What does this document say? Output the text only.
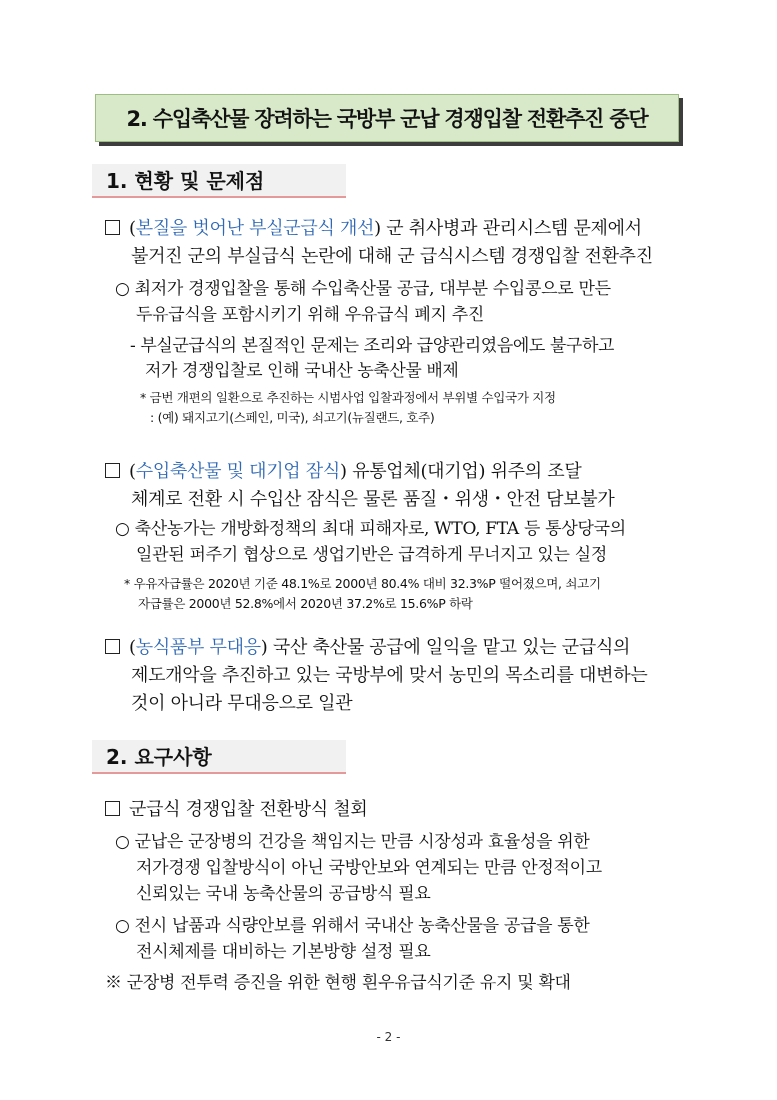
2. 수입축산물 장려하는 국방부 군납 경쟁입찰 전환추진 중단
1. 현황 및 문제점
(본질을 벗어난 부실군급식 개선) 군 취사병과 관리시스템 문제에서
불거진 군의 부실급식 논란에 대해 군 급식시스템 경쟁입찰 전환추진
○ 최저가 경쟁입찰을 통해 수입축산물 공급, 대부분 수입콩으로 만든
두유급식을 포함시키기 위해 우유급식 폐지 추진
- 부실군급식의 본질적인 문제는 조리와 급양관리였음에도 불구하고
저가 경쟁입찰로 인해 국내산 농축산물 배제
* 금번 개편의 일환으로 추진하는 시범사업 입찰과정에서 부위별 수입국가 지정
: (예) 돼지고기(스페인, 미국), 쇠고기(뉴질랜드, 호주)
(수입축산물 및 대기업 잠식) 유통업체(대기업) 위주의 조달
체계로 전환 시 수입산 잠식은 물론 품질・위생・안전 담보불가
○ 축산농가는 개방화정책의 최대 피해자로, WTO, FTA 등 통상당국의
일관된 퍼주기 협상으로 생업기반은 급격하게 무너지고 있는 실정
* 우유자급률은 2020년 기준 48.1%로 2000년 80.4% 대비 32.3%P 떨어졌으며, 쇠고기
자급률은 2000년 52.8%에서 2020년 37.2%로 15.6%P 하락
(농식품부 무대응) 국산 축산물 공급에 일익을 맡고 있는 군급식의
제도개악을 추진하고 있는 국방부에 맞서 농민의 목소리를 대변하는
것이 아니라 무대응으로 일관
2. 요구사항
군급식 경쟁입찰 전환방식 철회
○ 군납은 군장병의 건강을 책임지는 만큼 시장성과 효율성을 위한
저가경쟁 입찰방식이 아닌 국방안보와 연계되는 만큼 안정적이고
신뢰있는 국내 농축산물의 공급방식 필요
○ 전시 납품과 식량안보를 위해서 국내산 농축산물을 공급을 통한
전시체제를 대비하는 기본방향 설정 필요
※ 군장병 전투력 증진을 위한 현행 흰우유급식기준 유지 및 확대
- 2 -
